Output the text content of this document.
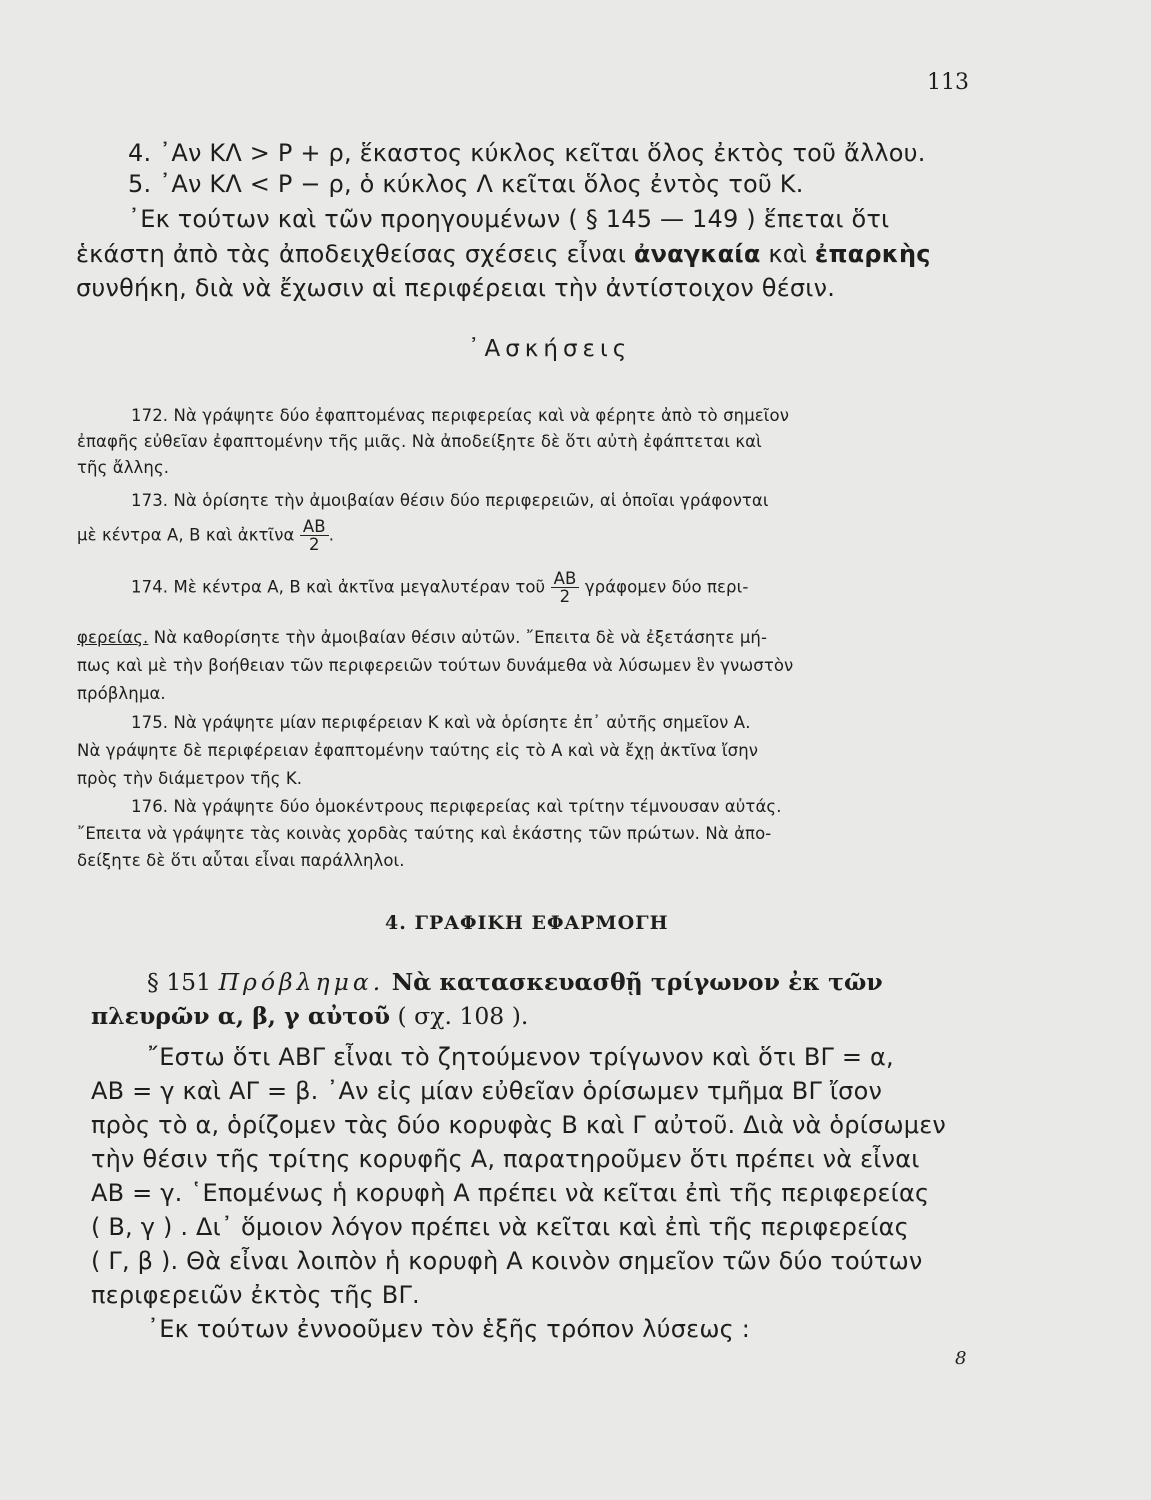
113
4. ᾽Αν ΚΛ > Ρ + ρ, ἕκαστος κύκλος κεῖται ὅλος ἐκτὸς τοῦ ἄλλου.
5. ᾽Αν ΚΛ < Ρ − ρ, ὁ κύκλος Λ κεῖται ὅλος ἐντὸς τοῦ Κ.
᾽Εκ τούτων καὶ τῶν προηγουμένων ( § 145 — 149 ) ἕπεται ὅτι
ἑκάστη ἀπὸ τὰς ἀποδειχθείσας σχέσεις εἶναι ἀναγκαία καὶ ἐπαρκὴς
συνθήκη, διὰ νὰ ἔχωσιν αἱ περιφέρειαι τὴν ἀντίστοιχον θέσιν.
᾽Ασκήσεις
172. Νὰ γράψητε δύο ἐφαπτομένας περιφερείας καὶ νὰ φέρητε ἀπὸ τὸ σημεῖον
ἐπαφῆς εὐθεῖαν ἐφαπτομένην τῆς μιᾶς. Νὰ ἀποδείξητε δὲ ὅτι αὐτὴ ἐφάπτεται καὶ
τῆς ἄλλης.
173. Νὰ ὁρίσητε τὴν ἀμοιβαίαν θέσιν δύο περιφερειῶν, αἱ ὁποῖαι γράφονται
μὲ κέντρα Α, Β καὶ ἀκτῖνα $\frac{AB}{2}$ .
174. Μὲ κέντρα Α, Β καὶ ἀκτῖνα μεγαλυτέραν τοῦ $\frac{AB}{2}$ γράφομεν δύο περι-
φερείας. Νὰ καθορίσητε τὴν ἀμοιβαίαν θέσιν αὐτῶν. ῎Επειτα δὲ νὰ ἐξετάσητε μή-
πως καὶ μὲ τὴν βοήθειαν τῶν περιφερειῶν τούτων δυνάμεθα νὰ λύσωμεν ἓν γνωστὸν
πρόβλημα.
175. Νὰ γράψητε μίαν περιφέρειαν Κ καὶ νὰ ὁρίσητε ἐπ᾽ αὐτῆς σημεῖον Α.
Νὰ γράψητε δὲ περιφέρειαν ἐφαπτομένην ταύτης εἰς τὸ Α καὶ νὰ ἔχῃ ἀκτῖνα ἴσην
πρὸς τὴν διάμετρον τῆς Κ.
176. Νὰ γράψητε δύο ὁμοκέντρους περιφερείας καὶ τρίτην τέμνουσαν αὐτάς.
῎Επειτα νὰ γράψητε τὰς κοινὰς χορδὰς ταύτης καὶ ἑκάστης τῶν πρώτων. Νὰ ἀπο-
δείξητε δὲ ὅτι αὗται εἶναι παράλληλοι.
4. ΓΡΑΦΙΚΗ ΕΦΑΡΜΟΓΗ
§ 151 Πρόβλημα. Νὰ κατασκευασθῇ τρίγωνον ἐκ τῶν
πλευρῶν α, β, γ αὐτοῦ ( σχ. 108 ).
῎Εστω ὅτι ΑΒΓ εἶναι τὸ ζητούμενον τρίγωνον καὶ ὅτι ΒΓ = α,
ΑΒ = γ καὶ ΑΓ = β. ᾽Αν εἰς μίαν εὐθεῖαν ὁρίσωμεν τμῆμα ΒΓ ἴσον
πρὸς τὸ α, ὁρίζομεν τὰς δύο κορυφὰς Β καὶ Γ αὐτοῦ. Διὰ νὰ ὁρίσωμεν
τὴν θέσιν τῆς τρίτης κορυφῆς Α, παρατηροῦμεν ὅτι πρέπει νὰ εἶναι
ΑΒ = γ. ῾Επομένως ἡ κορυφὴ Α πρέπει νὰ κεῖται ἐπὶ τῆς περιφερείας
( Β, γ ) . Δι᾽ ὅμοιον λόγον πρέπει νὰ κεῖται καὶ ἐπὶ τῆς περιφερείας
( Γ, β ). Θὰ εἶναι λοιπὸν ἡ κορυφὴ Α κοινὸν σημεῖον τῶν δύο τούτων
περιφερειῶν ἐκτὸς τῆς ΒΓ.
᾽Εκ τούτων ἐννοοῦμεν τὸν ἑξῆς τρόπον λύσεως :
8
